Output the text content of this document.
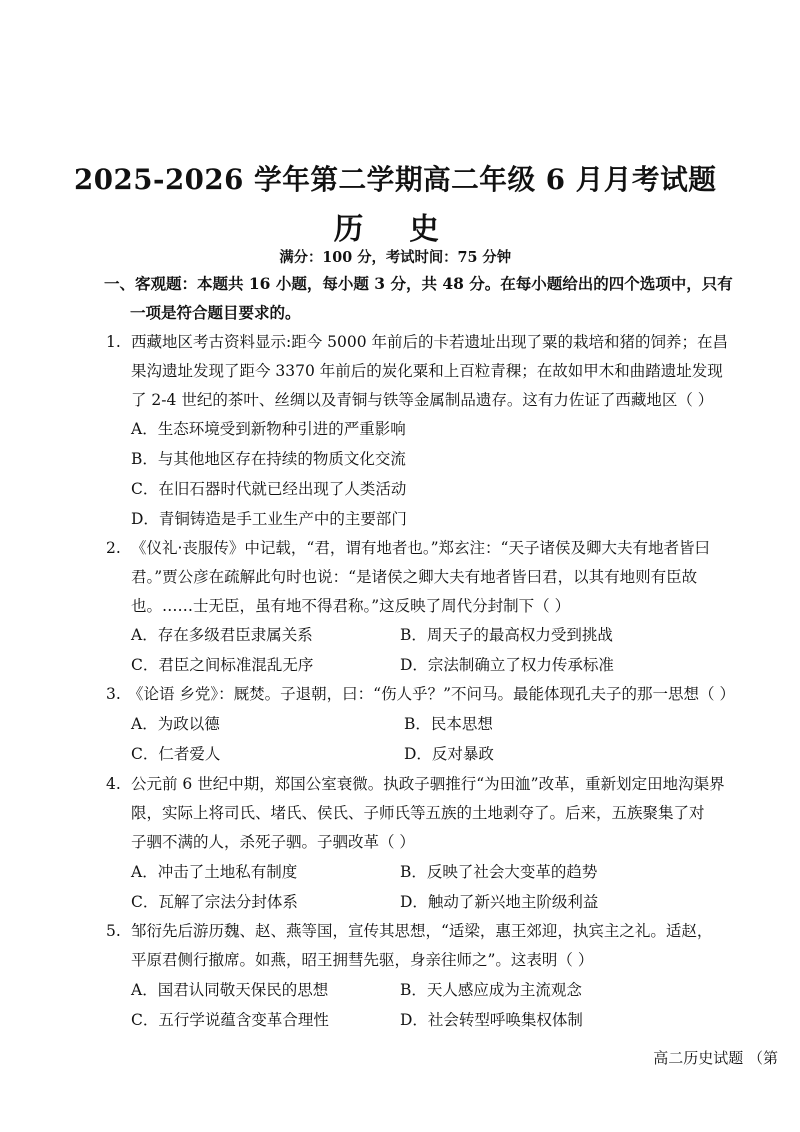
2025-2026 学年第二学期高二年级 6 月月考试题
历 史
满分：100 分，考试时间：75 分钟
一、客观题：本题共 16 小题，每小题 3 分，共 48 分。在每小题给出的四个选项中，只有
一项是符合题目要求的。
1. 西藏地区考古资料显示:距今 5000 年前后的卡若遗址出现了粟的栽培和猪的饲养；在昌
果沟遗址发现了距今 3370 年前后的炭化粟和上百粒青稞；在故如甲木和曲踏遗址发现
了 2-4 世纪的茶叶、丝绸以及青铜与铁等金属制品遗存。这有力佐证了西藏地区（ ）
A．生态环境受到新物种引进的严重影响
B．与其他地区存在持续的物质文化交流
C．在旧石器时代就已经出现了人类活动
D．青铜铸造是手工业生产中的主要部门
2. 《仪礼·丧服传》中记载，“君，谓有地者也。”郑玄注：“天子诸侯及卿大夫有地者皆曰
君。”贾公彦在疏解此句时也说：“是诸侯之卿大夫有地者皆曰君，以其有地则有臣故
也。……士无臣，虽有地不得君称。”这反映了周代分封制下（ ）
A．存在多级君臣隶属关系	B．周天子的最高权力受到挑战
C．君臣之间标准混乱无序	D．宗法制确立了权力传承标准
3. 《论语 乡党》：厩焚。子退朝，曰：“伤人乎？”不问马。最能体现孔夫子的那一思想（ ）
A．为政以德	B．民本思想
C．仁者爱人	D．反对暴政
4. 公元前 6 世纪中期，郑国公室衰微。执政子驷推行“为田洫”改革，重新划定田地沟渠界
限，实际上将司氏、堵氏、侯氏、子师氏等五族的土地剥夺了。后来，五族聚集了对
子驷不满的人，杀死子驷。子驷改革（ ）
A．冲击了土地私有制度	B．反映了社会大变革的趋势
C．瓦解了宗法分封体系	D．触动了新兴地主阶级利益
5. 邹衍先后游历魏、赵、燕等国，宣传其思想，“适梁，惠王郊迎，执宾主之礼。适赵，
平原君侧行撤席。如燕，昭王拥彗先驱，身亲往师之”。这表明（ ）
A．国君认同敬天保民的思想	B．天人感应成为主流观念
C．五行学说蕴含变革合理性	D．社会转型呼唤集权体制
高二历史试题 （第
